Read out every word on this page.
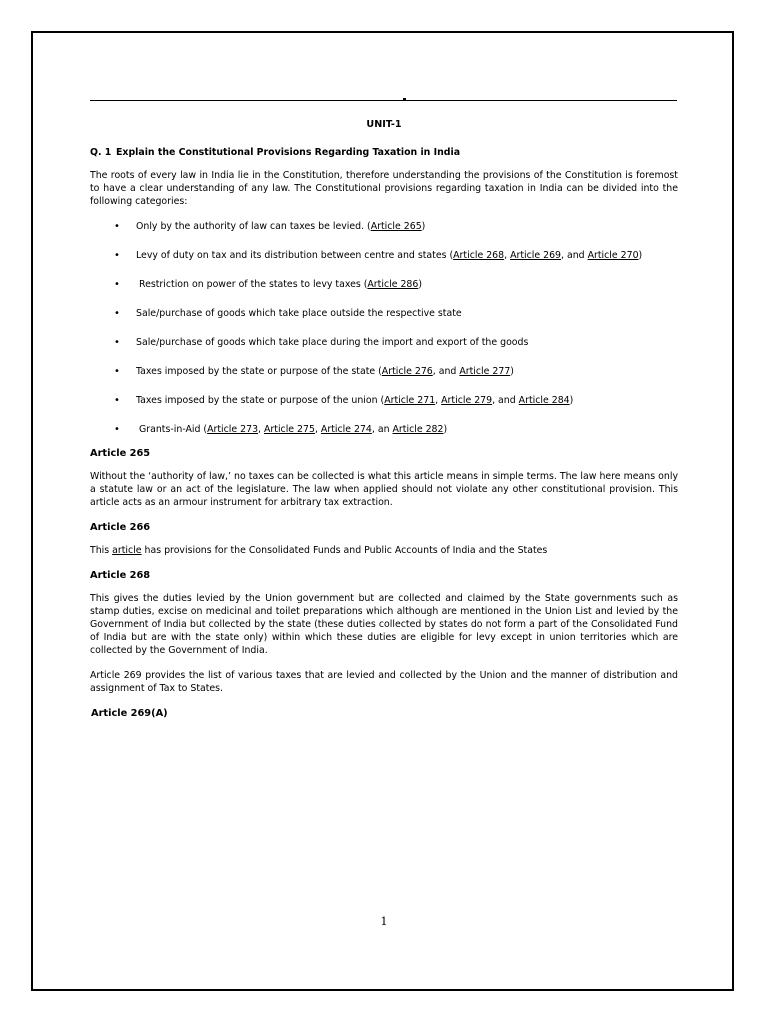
UNIT-1
Q. 1 Explain the Constitutional Provisions Regarding Taxation in India

The roots of every law in India lie in the Constitution, therefore understanding the provisions of the Constitution is foremost to have a clear understanding of any law. The Constitutional provisions regarding taxation in India can be divided into the following categories:

• Only by the authority of law can taxes be levied. (Article 265)
• Levy of duty on tax and its distribution between centre and states (Article 268, Article 269, and Article 270)
• Restriction on power of the states to levy taxes (Article 286)
• Sale/purchase of goods which take place outside the respective state
• Sale/purchase of goods which take place during the import and export of the goods
• Taxes imposed by the state or purpose of the state (Article 276, and Article 277)
• Taxes imposed by the state or purpose of the union (Article 271, Article 279, and Article 284)
• Grants-in-Aid (Article 273, Article 275, Article 274, an Article 282)
Article 265

Without the ‘authority of law,’ no taxes can be collected is what this article means in simple terms. The law here means only a statute law or an act of the legislature. The law when applied should not violate any other constitutional provision. This article acts as an armour instrument for arbitrary tax extraction.

Article 266

This article has provisions for the Consolidated Funds and Public Accounts of India and the States

Article 268

This gives the duties levied by the Union government but are collected and claimed by the State governments such as stamp duties, excise on medicinal and toilet preparations which although are mentioned in the Union List and levied by the Government of India but collected by the state (these duties collected by states do not form a part of the Consolidated Fund of India but are with the state only) within which these duties are eligible for levy except in union territories which are collected by the Government of India.

Article 269 provides the list of various taxes that are levied and collected by the Union and the manner of distribution and assignment of Tax to States.

Article 269(A)
1
